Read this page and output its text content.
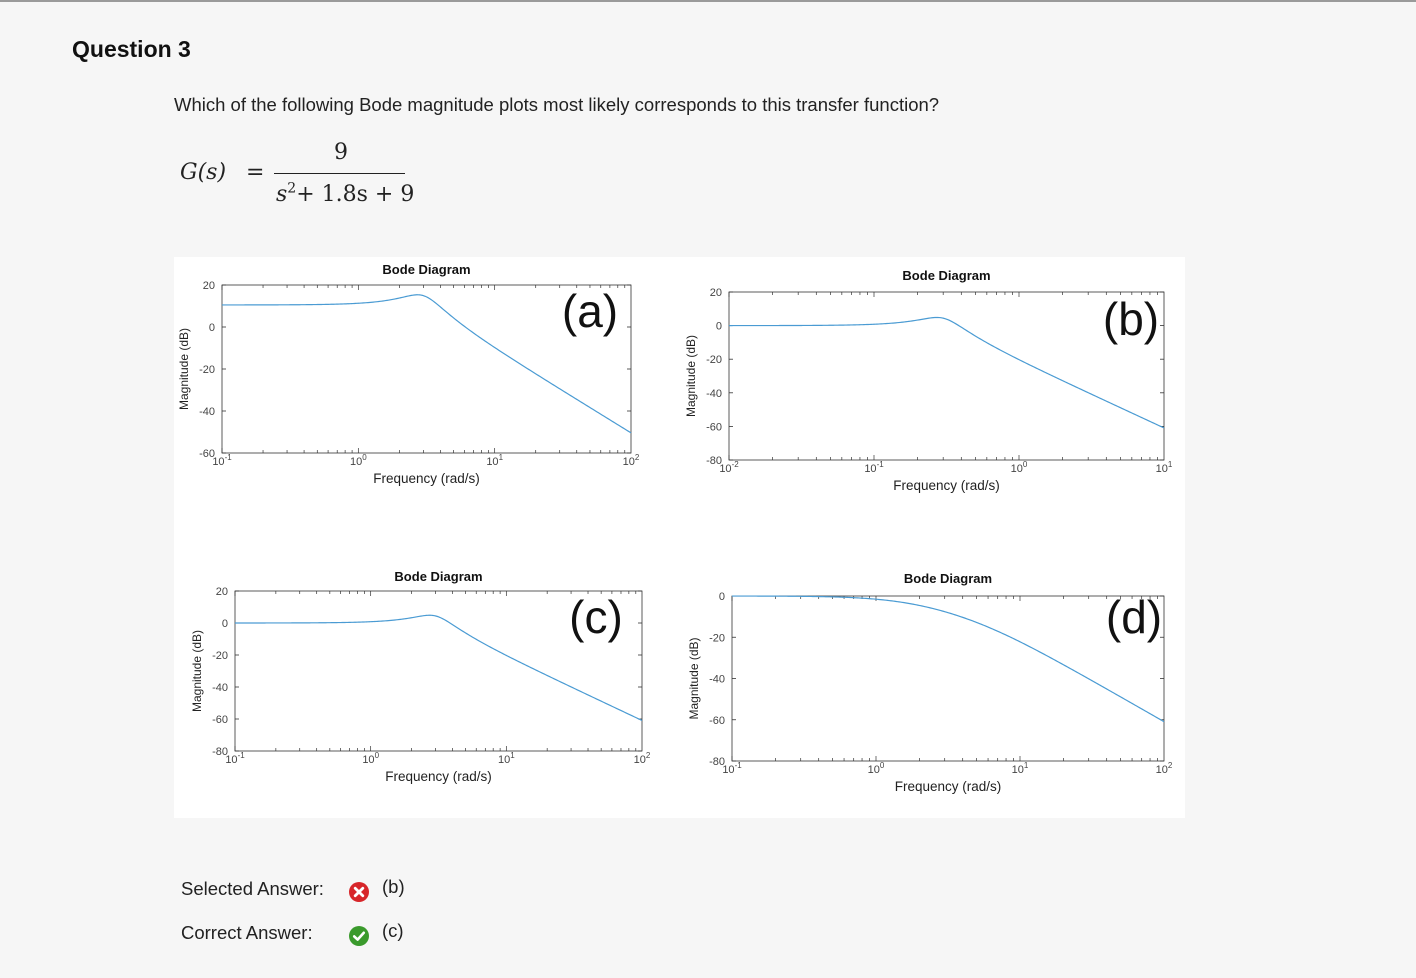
Question 3
Which of the following Bode magnitude plots most likely corresponds to this transfer function?
G(s) =
9
$s^2+ 1.8s + 9$
Bode Diagram
20
0
-20
-40
-60
$10^{-1}$	$10^0$	$10^1$	$10^2$
Frequency (rad/s)
Magnitude (dB)
(a)
Bode Diagram
20
0
-20
-40
-60
-80
$10^{-2}$	$10^{-1}$	$10^0$	$10^1$
Frequency (rad/s)
Magnitude (dB)
(b)
Bode Diagram
20
0
-20
-40
-60
-80
$10^{-1}$	$10^0$	$10^1$	$10^2$
Frequency (rad/s)
Magnitude (dB)
(c)
Bode Diagram
0
-20
-40
-60
-80
$10^{-1}$	$10^0$	$10^1$	$10^2$
Frequency (rad/s)
Magnitude (dB)
(d)
Selected Answer:	(b)
Correct Answer:	(c)
